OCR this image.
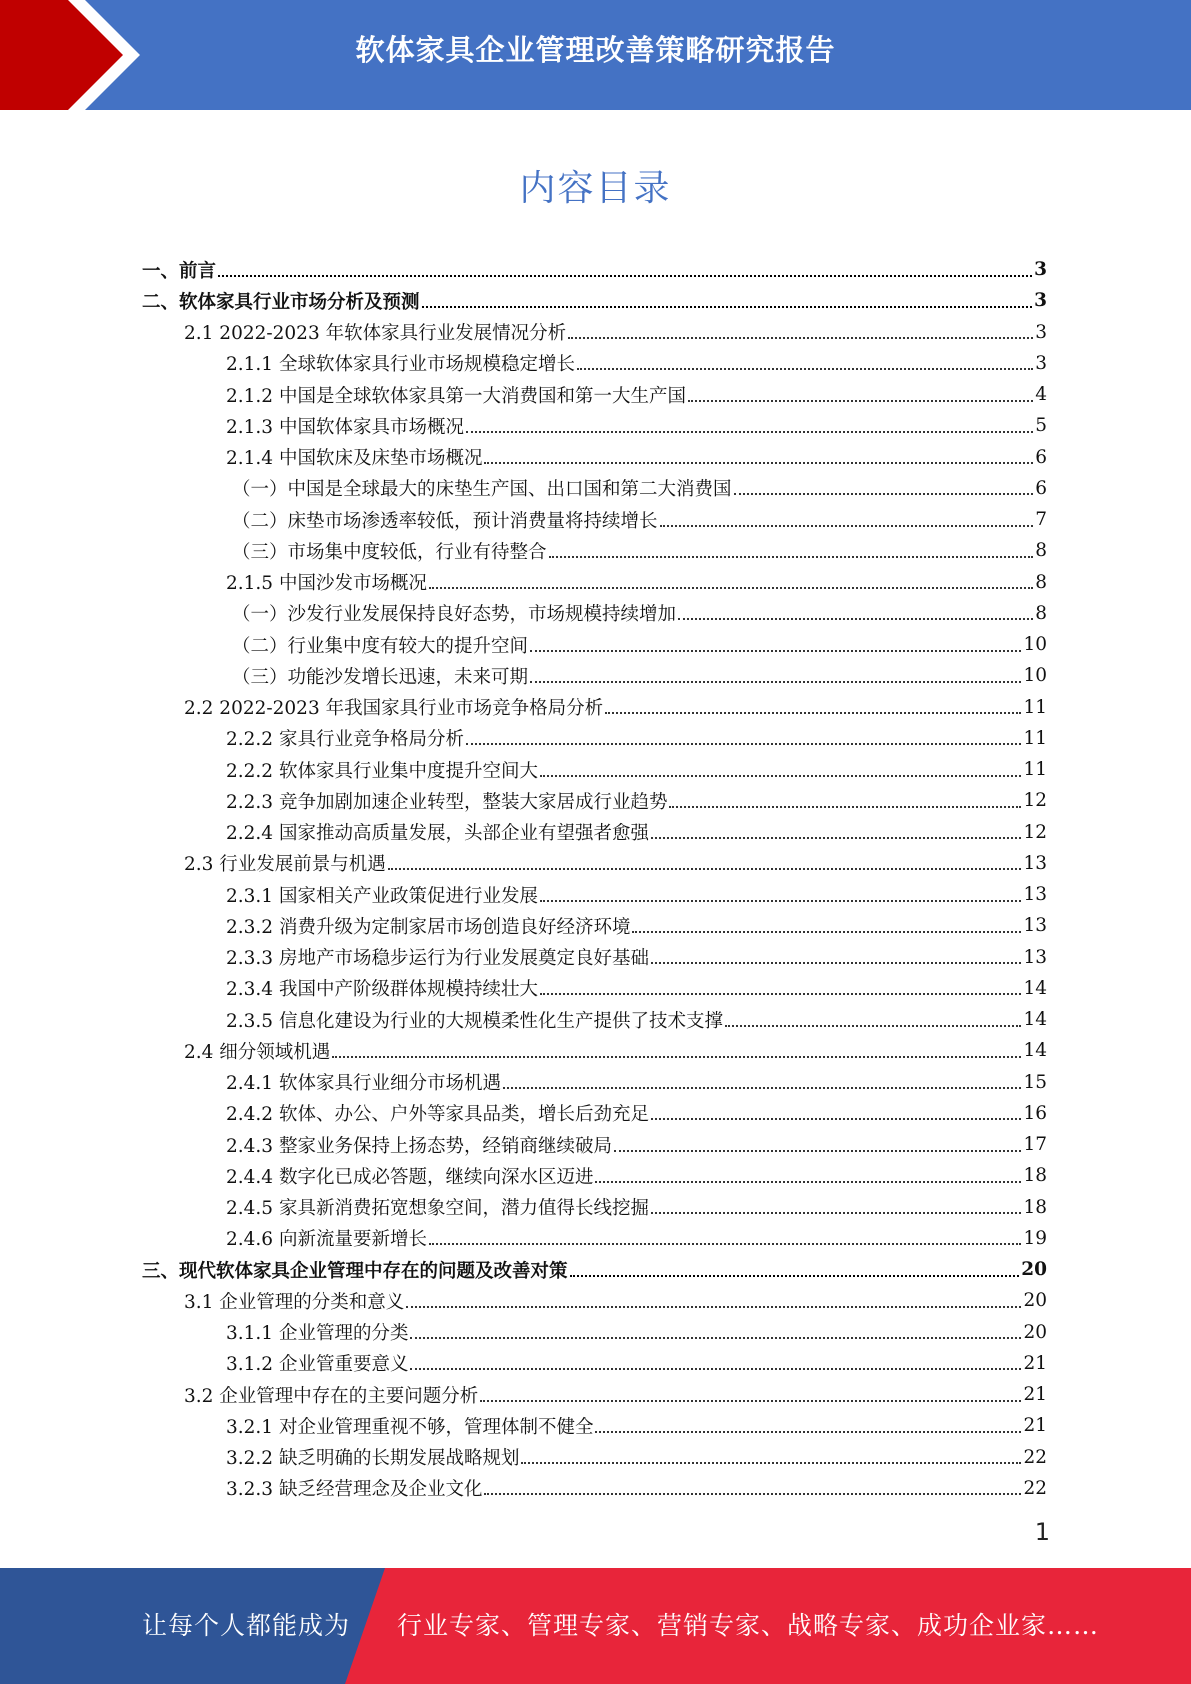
软体家具企业管理改善策略研究报告
内容目录
一、前言	3
二、软体家具行业市场分析及预测	3
2.1 2022-2023 年软体家具行业发展情况分析	3
2.1.1 全球软体家具行业市场规模稳定增长	3
2.1.2 中国是全球软体家具第一大消费国和第一大生产国	4
2.1.3 中国软体家具市场概况	5
2.1.4 中国软床及床垫市场概况	6
（一）中国是全球最大的床垫生产国、出口国和第二大消费国	6
（二）床垫市场渗透率较低，预计消费量将持续增长	7
（三）市场集中度较低，行业有待整合	8
2.1.5 中国沙发市场概况	8
（一）沙发行业发展保持良好态势，市场规模持续增加	8
（二）行业集中度有较大的提升空间	10
（三）功能沙发增长迅速，未来可期	10
2.2 2022-2023 年我国家具行业市场竞争格局分析	11
2.2.2 家具行业竞争格局分析	11
2.2.2 软体家具行业集中度提升空间大	11
2.2.3 竞争加剧加速企业转型，整装大家居成行业趋势	12
2.2.4 国家推动高质量发展，头部企业有望强者愈强	12
2.3 行业发展前景与机遇	13
2.3.1 国家相关产业政策促进行业发展	13
2.3.2 消费升级为定制家居市场创造良好经济环境	13
2.3.3 房地产市场稳步运行为行业发展奠定良好基础	13
2.3.4 我国中产阶级群体规模持续壮大	14
2.3.5 信息化建设为行业的大规模柔性化生产提供了技术支撑	14
2.4 细分领域机遇	14
2.4.1 软体家具行业细分市场机遇	15
2.4.2 软体、办公、户外等家具品类，增长后劲充足	16
2.4.3 整家业务保持上扬态势，经销商继续破局	17
2.4.4 数字化已成必答题，继续向深水区迈进	18
2.4.5 家具新消费拓宽想象空间，潜力值得长线挖掘	18
2.4.6 向新流量要新增长	19
三、现代软体家具企业管理中存在的问题及改善对策	20
3.1 企业管理的分类和意义	20
3.1.1 企业管理的分类	20
3.1.2 企业管重要意义	21
3.2 企业管理中存在的主要问题分析	21
3.2.1 对企业管理重视不够，管理体制不健全	21
3.2.2 缺乏明确的长期发展战略规划	22
3.2.3 缺乏经营理念及企业文化	22
1
让每个人都能成为 行业专家、管理专家、营销专家、战略专家、成功企业家……
